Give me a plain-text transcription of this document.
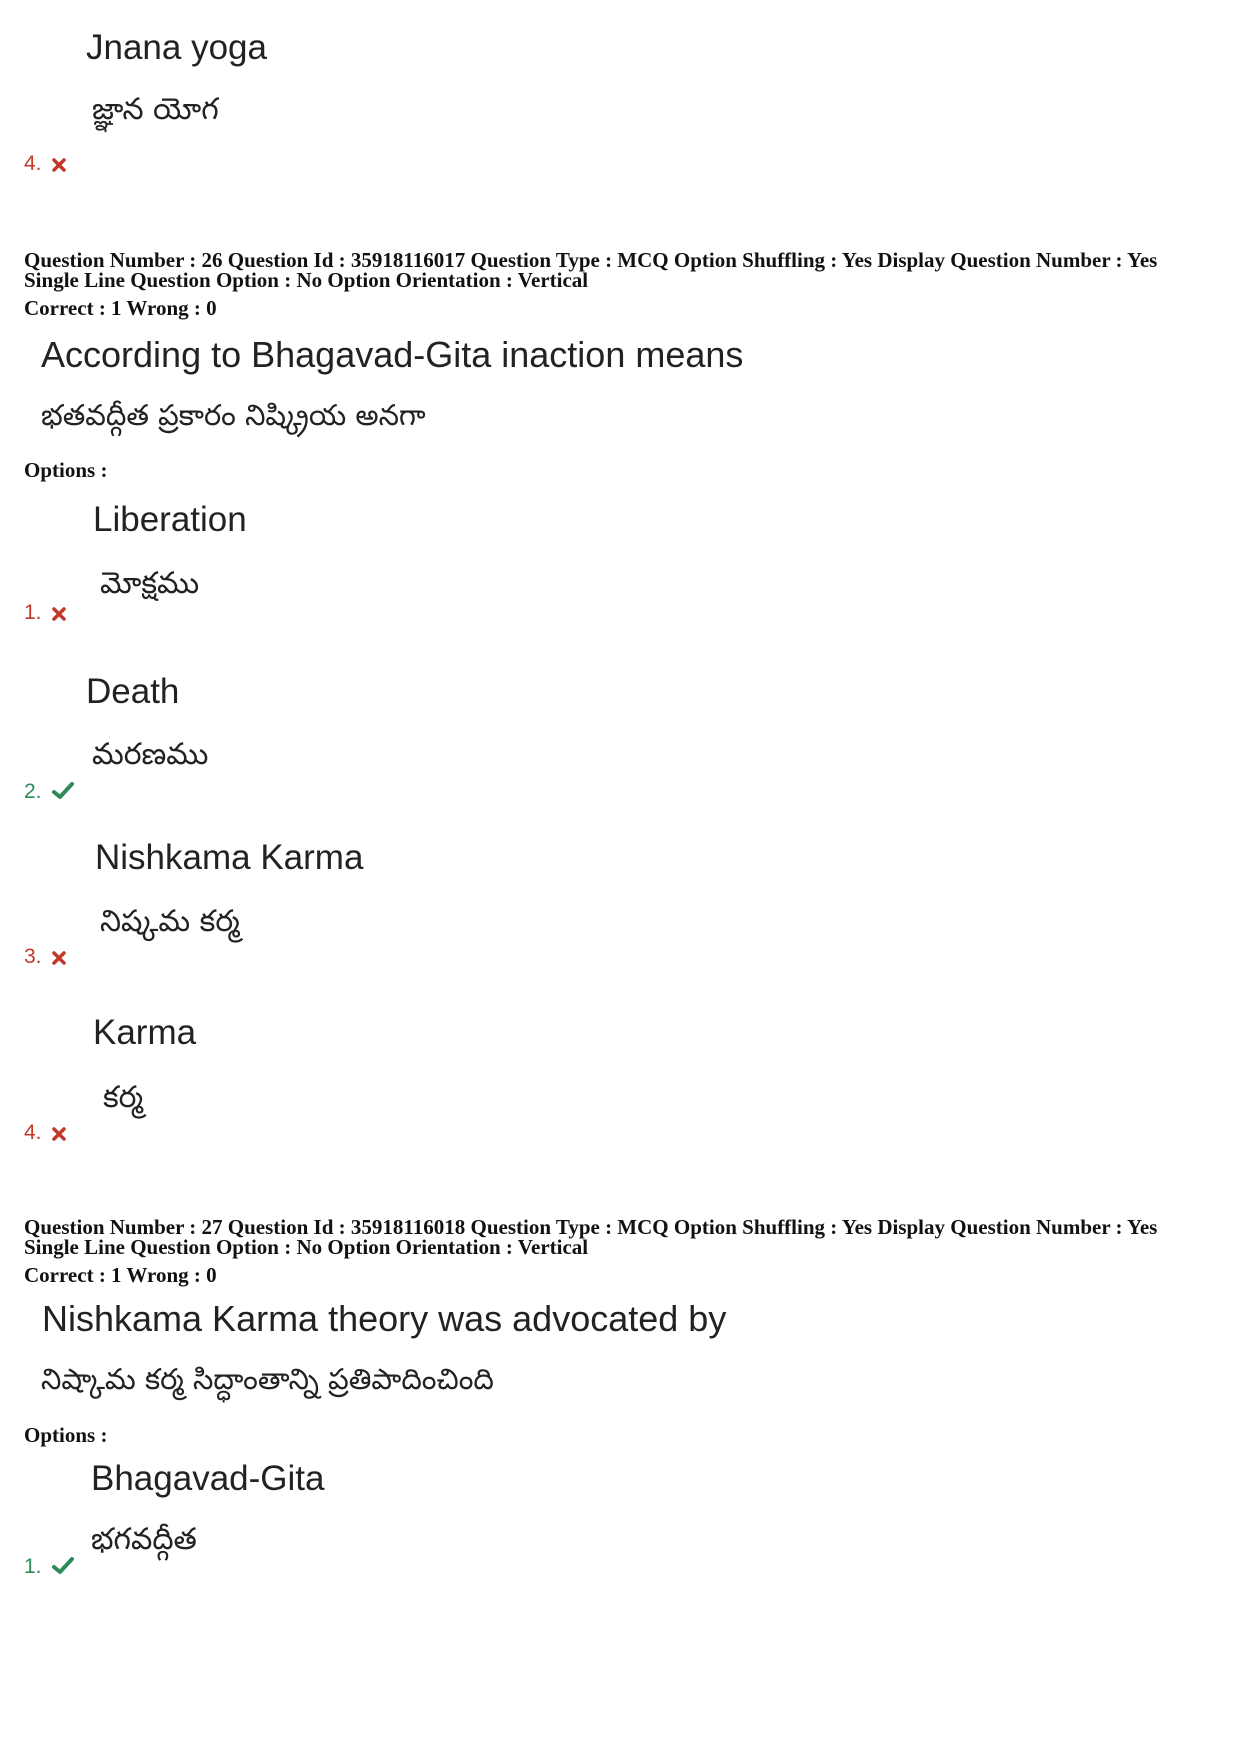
Jnana yoga
జ్ఞాన యోగ
4.
Question Number : 26 Question Id : 35918116017 Question Type : MCQ Option Shuffling : Yes Display Question Number : Yes
Single Line Question Option : No Option Orientation : Vertical
Correct : 1 Wrong : 0
According to Bhagavad-Gita inaction means
భతవద్గీత ప్రకారం నిష్క్రియ అనగా
Options :
Liberation
మోక్షము
1.
Death
మరణము
2.
Nishkama Karma
నిష్కమ కర్మ
3.
Karma
కర్మ
4.
Question Number : 27 Question Id : 35918116018 Question Type : MCQ Option Shuffling : Yes Display Question Number : Yes
Single Line Question Option : No Option Orientation : Vertical
Correct : 1 Wrong : 0
Nishkama Karma theory was advocated by
నిష్కామ కర్మ సిద్ధాంతాన్ని ప్రతిపాదించింది
Options :
Bhagavad-Gita
భగవద్గీత
1.
